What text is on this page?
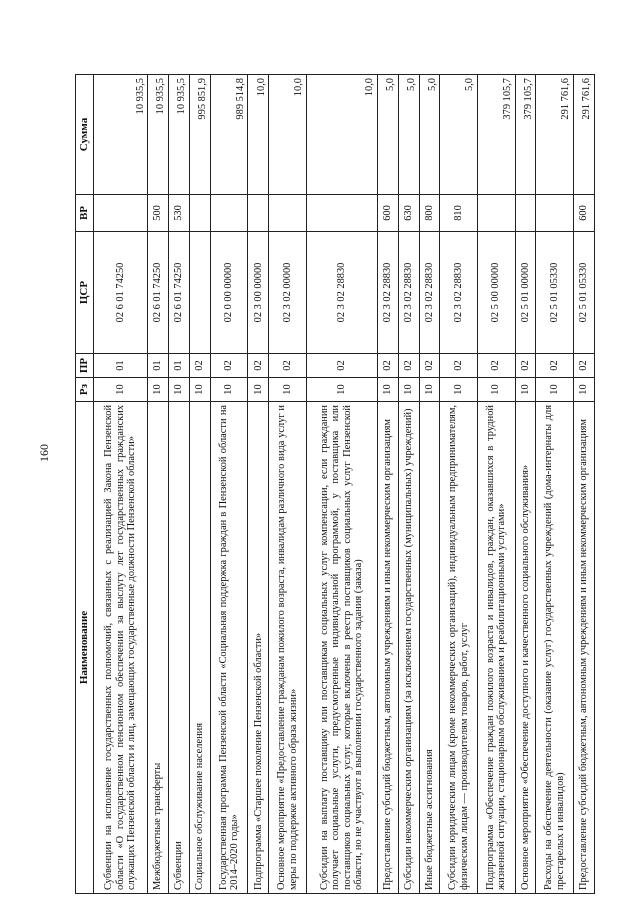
160
Наименование	Рз	ПР	ЦСР	ВР	Сумма
Субвенции на исполнение государственных полномочий, связанных с реализацией Закона Пензенской области «О государственном пенсионном обеспечении за выслугу лет государственных гражданских служащих Пензенской области и лиц, замещающих государственные должности Пензенской области»	10	01	02 6 01 74250		10 935,5
Межбюджетные трансферты	10	01	02 6 01 74250	500	10 935,5
Субвенции	10	01	02 6 01 74250	530	10 935,5
Социальное обслуживание населения	10	02			995 851,9
Государственная программа Пензенской области «Социальная поддержка граждан в Пензенской области на 2014–2020 годы»	10	02	02 0 00 00000		989 514,8
Подпрограмма «Старшее поколение Пензенской области»	10	02	02 3 00 00000		10,0
Основное мероприятие «Предоставление гражданам пожилого возраста, инвалидам различного вида услуг и меры по поддержке активного образа жизни»	10	02	02 3 02 00000		10,0
Субсидии на выплату поставщику или поставщикам социальных услуг компенсации, если гражданин получает социальные услуги, предусмотренные индивидуальной программой, у поставщика или поставщиков социальных услуг, которые включены в реестр поставщиков социальных услуг Пензенской области, но не участвуют в выполнении государственного задания (заказа)	10	02	02 3 02 28830		10,0
Предоставление субсидий бюджетным, автономным учреждениям и иным некоммерческим организациям	10	02	02 3 02 28830	600	5,0
Субсидии некоммерческим организациям (за исключением государственных (муниципальных) учреждений)	10	02	02 3 02 28830	630	5,0
Иные бюджетные ассигнования	10	02	02 3 02 28830	800	5,0
Субсидии юридическим лицам (кроме некоммерческих организаций), индивидуальным предпринимателям, физическим лицам — производителям товаров, работ, услуг	10	02	02 3 02 28830	810	5,0
Подпрограмма «Обеспечение граждан пожилого возраста и инвалидов, граждан, оказавшихся в трудной жизненной ситуации, стационарным обслуживанием и реабилитационными услугами»	10	02	02 5 00 00000		379 105,7
Основное мероприятие «Обеспечение доступного и качественного социального обслуживания»	10	02	02 5 01 00000		379 105,7
Расходы на обеспечение деятельности (оказание услуг) государственных учреждений (дома-интернаты для престарелых и инвалидов)	10	02	02 5 01 05330		291 761,6
Предоставление субсидий бюджетным, автономным учреждениям и иным некоммерческим организациям	10	02	02 5 01 05330	600	291 761,6
